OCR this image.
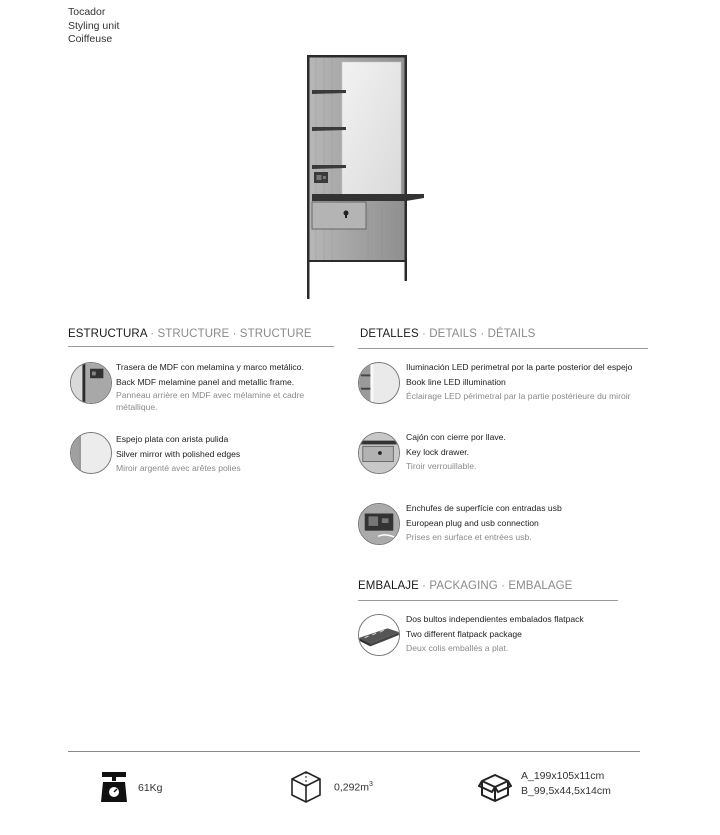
Tocador
Styling unit
Coiffeuse
ESTRUCTURA · STRUCTURE · STRUCTURE
Trasera de MDF con melamina y marco metálico.
Back MDF melamine panel and metallic frame.
Panneau arrière en MDF avec mélamine et cadre
métallique.
Espejo plata con arista pulida
Silver mirror with polished edges
Miroir argenté avec arêtes polies
DETALLES · DETAILS · DÉTAILS
Iluminación LED perimetral por la parte posterior del espejo
Book line LED illumination
Éclairage LED périmetral par la partie postérieure du miroir
Cajón con cierre por llave.
Key lock drawer.
Tiroir verrouillable.
Enchufes de superfície con entradas usb
European plug and usb connection
Prises en surface et entrées usb.
EMBALAJE · PACKAGING · EMBALAGE
Dos bultos independientes embalados flatpack
Two different flatpack package
Deux colis emballés a plat.
61Kg	$0,292m^3$
A_199x105x11cm
B_99,5x44,5x14cm
